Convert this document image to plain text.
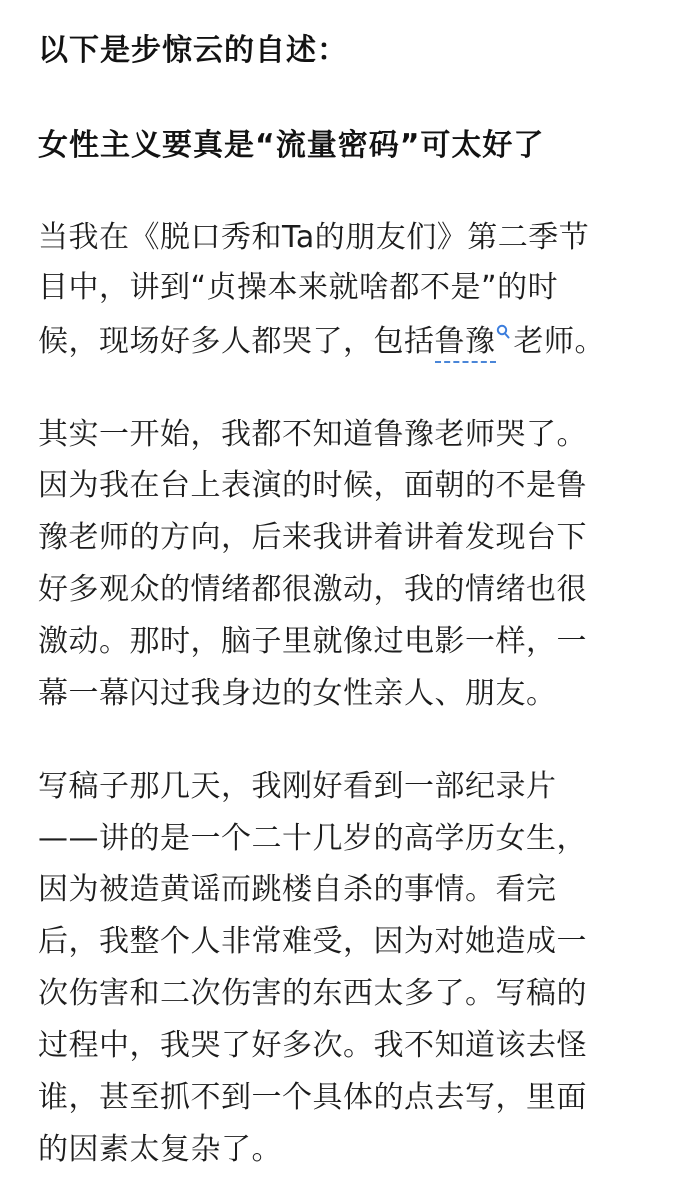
以下是步惊云的自述：
女性主义要真是“流量密码”可太好了
当我在《脱口秀和Ta的朋友们》第二季节
目中，讲到“贞操本来就啥都不是”的时
候，现场好多人都哭了，包括鲁豫 老师。
其实一开始，我都不知道鲁豫老师哭了。
因为我在台上表演的时候，面朝的不是鲁
豫老师的方向，后来我讲着讲着发现台下
好多观众的情绪都很激动，我的情绪也很
激动。那时，脑子里就像过电影一样，一
幕一幕闪过我身边的女性亲人、朋友。
写稿子那几天，我刚好看到一部纪录片
——讲的是一个二十几岁的高学历女生，
因为被造黄谣而跳楼自杀的事情。看完
后，我整个人非常难受，因为对她造成一
次伤害和二次伤害的东西太多了。写稿的
过程中，我哭了好多次。我不知道该去怪
谁，甚至抓不到一个具体的点去写，里面
的因素太复杂了。
